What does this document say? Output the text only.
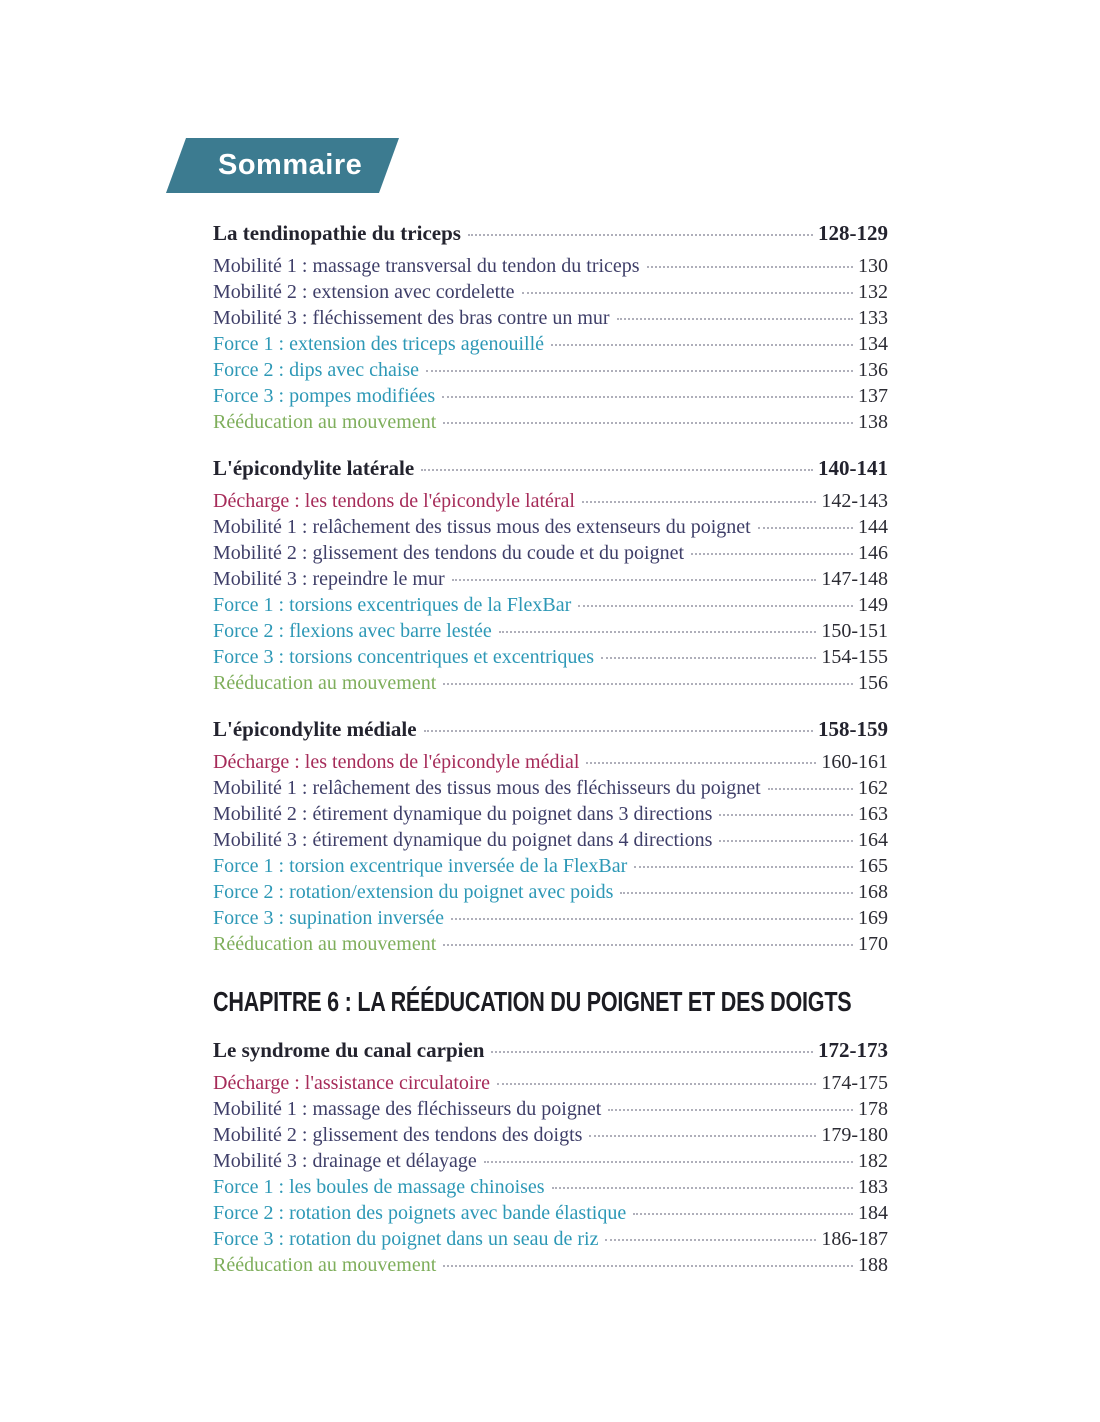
Sommaire
La tendinopathie du triceps	128-129
Mobilité 1 : massage transversal du tendon du triceps	130
Mobilité 2 : extension avec cordelette	132
Mobilité 3 : fléchissement des bras contre un mur	133
Force 1 : extension des triceps agenouillé	134
Force 2 : dips avec chaise	136
Force 3 : pompes modifiées	137
Rééducation au mouvement	138
L'épicondylite latérale	140-141
Décharge : les tendons de l'épicondyle latéral	142-143
Mobilité 1 : relâchement des tissus mous des extenseurs du poignet	144
Mobilité 2 : glissement des tendons du coude et du poignet	146
Mobilité 3 : repeindre le mur	147-148
Force 1 : torsions excentriques de la FlexBar	149
Force 2 : flexions avec barre lestée	150-151
Force 3 : torsions concentriques et excentriques	154-155
Rééducation au mouvement	156
L'épicondylite médiale	158-159
Décharge : les tendons de l'épicondyle médial	160-161
Mobilité 1 : relâchement des tissus mous des fléchisseurs du poignet	162
Mobilité 2 : étirement dynamique du poignet dans 3 directions	163
Mobilité 3 : étirement dynamique du poignet dans 4 directions	164
Force 1 : torsion excentrique inversée de la FlexBar	165
Force 2 : rotation/extension du poignet avec poids	168
Force 3 : supination inversée	169
Rééducation au mouvement	170
CHAPITRE 6 : LA RÉÉDUCATION DU POIGNET ET DES DOIGTS
Le syndrome du canal carpien	172-173
Décharge : l'assistance circulatoire	174-175
Mobilité 1 : massage des fléchisseurs du poignet	178
Mobilité 2 : glissement des tendons des doigts	179-180
Mobilité 3 : drainage et délayage	182
Force 1 : les boules de massage chinoises	183
Force 2 : rotation des poignets avec bande élastique	184
Force 3 : rotation du poignet dans un seau de riz	186-187
Rééducation au mouvement	188
